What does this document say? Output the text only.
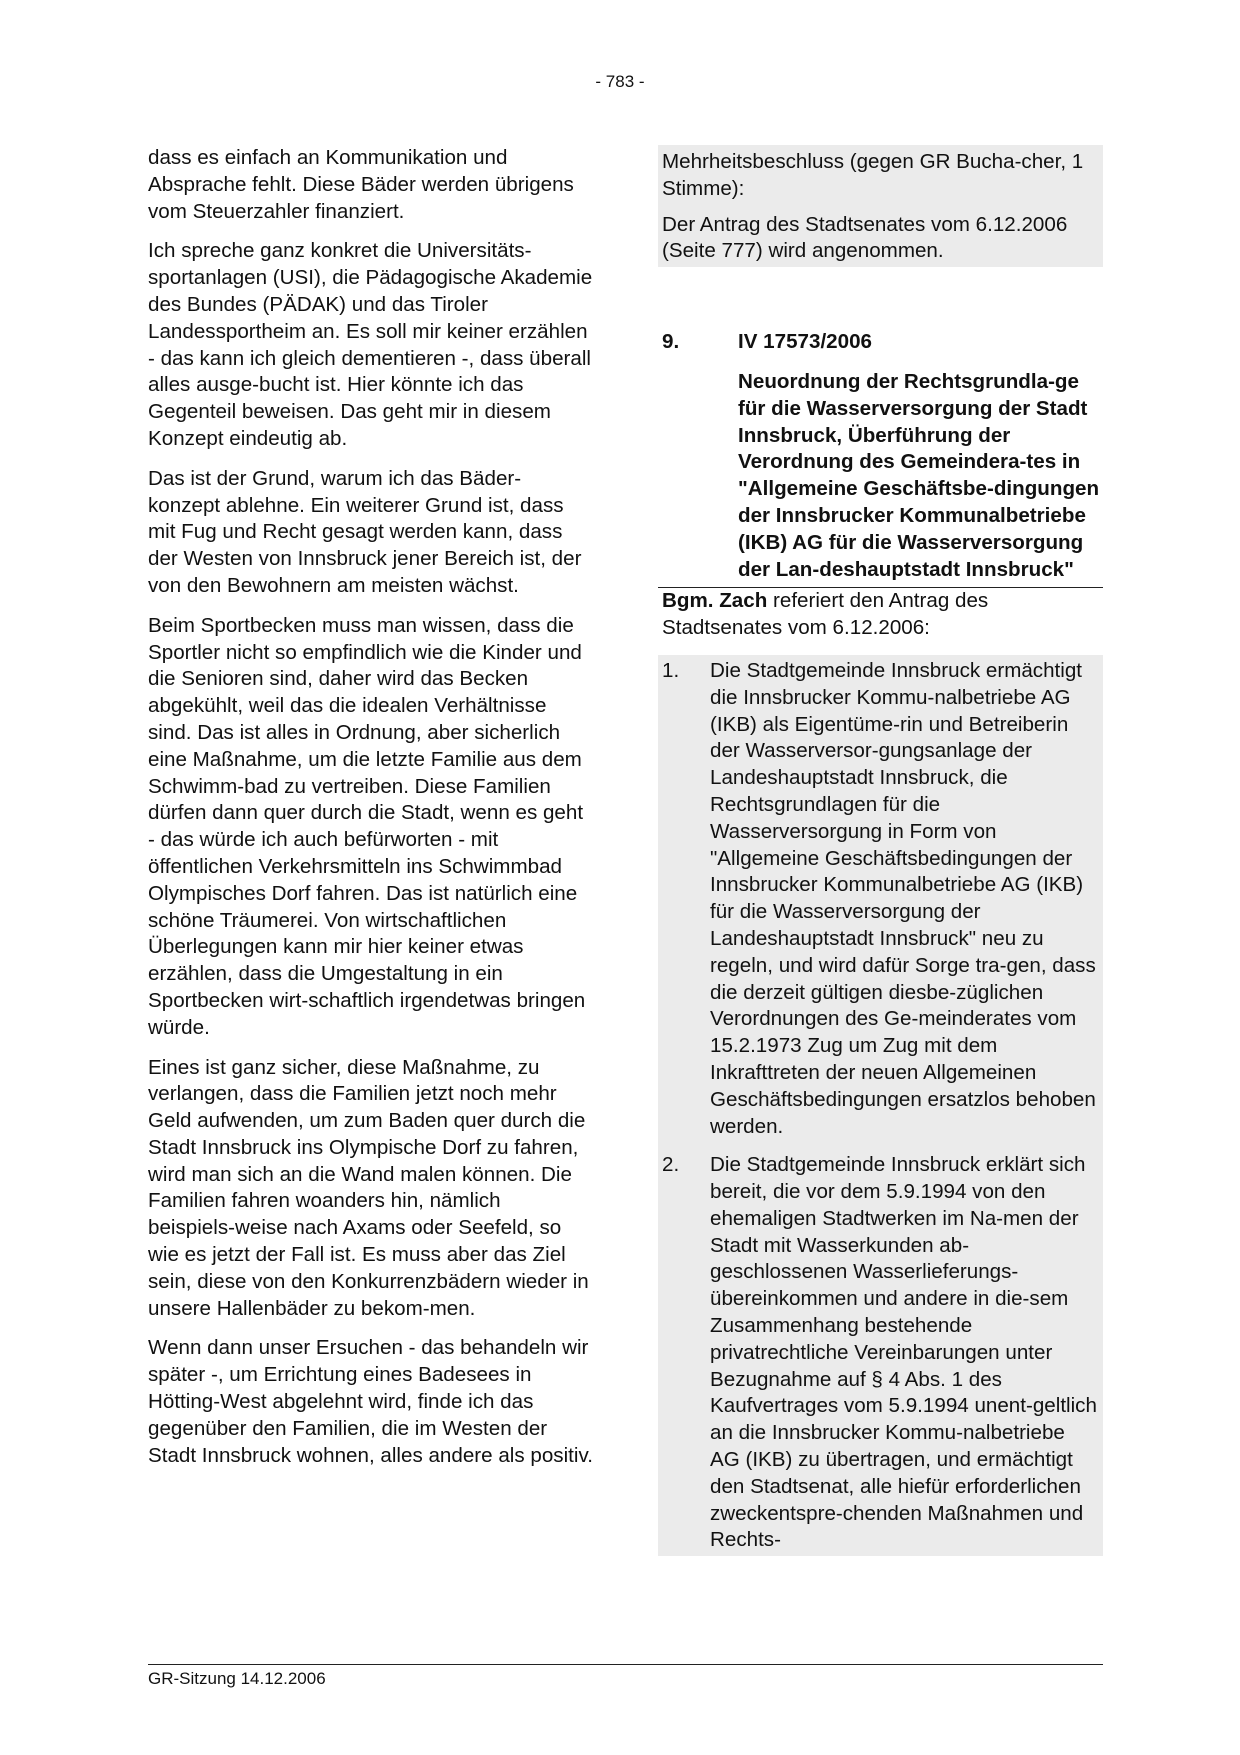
- 783 -

dass es einfach an Kommunikation und Absprache fehlt. Diese Bäder werden übrigens vom Steuerzahler finanziert.

Ich spreche ganz konkret die Universitäts-sportanlagen (USI), die Pädagogische Akademie des Bundes (PÄDAK) und das Tiroler Landessportheim an. Es soll mir keiner erzählen - das kann ich gleich dementieren -, dass überall alles ausge-bucht ist. Hier könnte ich das Gegenteil beweisen. Das geht mir in diesem Konzept eindeutig ab.

Das ist der Grund, warum ich das Bäder-konzept ablehne. Ein weiterer Grund ist, dass mit Fug und Recht gesagt werden kann, dass der Westen von Innsbruck jener Bereich ist, der von den Bewohnern am meisten wächst.

Beim Sportbecken muss man wissen, dass die Sportler nicht so empfindlich wie die Kinder und die Senioren sind, daher wird das Becken abgekühlt, weil das die idealen Verhältnisse sind. Das ist alles in Ordnung, aber sicherlich eine Maßnahme, um die letzte Familie aus dem Schwimm-bad zu vertreiben. Diese Familien dürfen dann quer durch die Stadt, wenn es geht - das würde ich auch befürworten - mit öffentlichen Verkehrsmitteln ins Schwimmbad Olympisches Dorf fahren. Das ist natürlich eine schöne Träumerei. Von wirtschaftlichen Überlegungen kann mir hier keiner etwas erzählen, dass die Umgestaltung in ein Sportbecken wirt-schaftlich irgendetwas bringen würde.

Eines ist ganz sicher, diese Maßnahme, zu verlangen, dass die Familien jetzt noch mehr Geld aufwenden, um zum Baden quer durch die Stadt Innsbruck ins Olympische Dorf zu fahren, wird man sich an die Wand malen können. Die Familien fahren woanders hin, nämlich beispiels-weise nach Axams oder Seefeld, so wie es jetzt der Fall ist. Es muss aber das Ziel sein, diese von den Konkurrenzbädern wieder in unsere Hallenbäder zu bekom-men.

Wenn dann unser Ersuchen - das behandeln wir später -, um Errichtung eines Badesees in Hötting-West abgelehnt wird, finde ich das gegenüber den Familien, die im Westen der Stadt Innsbruck wohnen, alles andere als positiv.

Mehrheitsbeschluss (gegen GR Bucha-cher, 1 Stimme):

Der Antrag des Stadtsenates vom 6.12.2006 (Seite 777) wird angenommen.

9.	IV 17573/2006
Neuordnung der Rechtsgrundla-ge für die Wasserversorgung der Stadt Innsbruck, Überführung der Verordnung des Gemeindera-tes in "Allgemeine Geschäftsbe-dingungen der Innsbrucker Kommunalbetriebe (IKB) AG für die Wasserversorgung der Lan-deshauptstadt Innsbruck"

Bgm. Zach referiert den Antrag des Stadtsenates vom 6.12.2006:

1.	Die Stadtgemeinde Innsbruck ermächtigt die Innsbrucker Kommu-nalbetriebe AG (IKB) als Eigentüme-rin und Betreiberin der Wasserversor-gungsanlage der Landeshauptstadt Innsbruck, die Rechtsgrundlagen für die Wasserversorgung in Form von "Allgemeine Geschäftsbedingungen der Innsbrucker Kommunalbetriebe AG (IKB) für die Wasserversorgung der Landeshauptstadt Innsbruck" neu zu regeln, und wird dafür Sorge tra-gen, dass die derzeit gültigen diesbe-züglichen Verordnungen des Ge-meinderates vom 15.2.1973 Zug um Zug mit dem Inkrafttreten der neuen Allgemeinen Geschäftsbedingungen ersatzlos behoben werden.
2.	Die Stadtgemeinde Innsbruck erklärt sich bereit, die vor dem 5.9.1994 von den ehemaligen Stadtwerken im Na-men der Stadt mit Wasserkunden ab-geschlossenen Wasserlieferungs-übereinkommen und andere in die-sem Zusammenhang bestehende privatrechtliche Vereinbarungen unter Bezugnahme auf § 4 Abs. 1 des Kaufvertrages vom 5.9.1994 unent-geltlich an die Innsbrucker Kommu-nalbetriebe AG (IKB) zu übertragen, und ermächtigt den Stadtsenat, alle hiefür erforderlichen zweckentspre-chenden Maßnahmen und Rechts-
GR-Sitzung 14.12.2006
